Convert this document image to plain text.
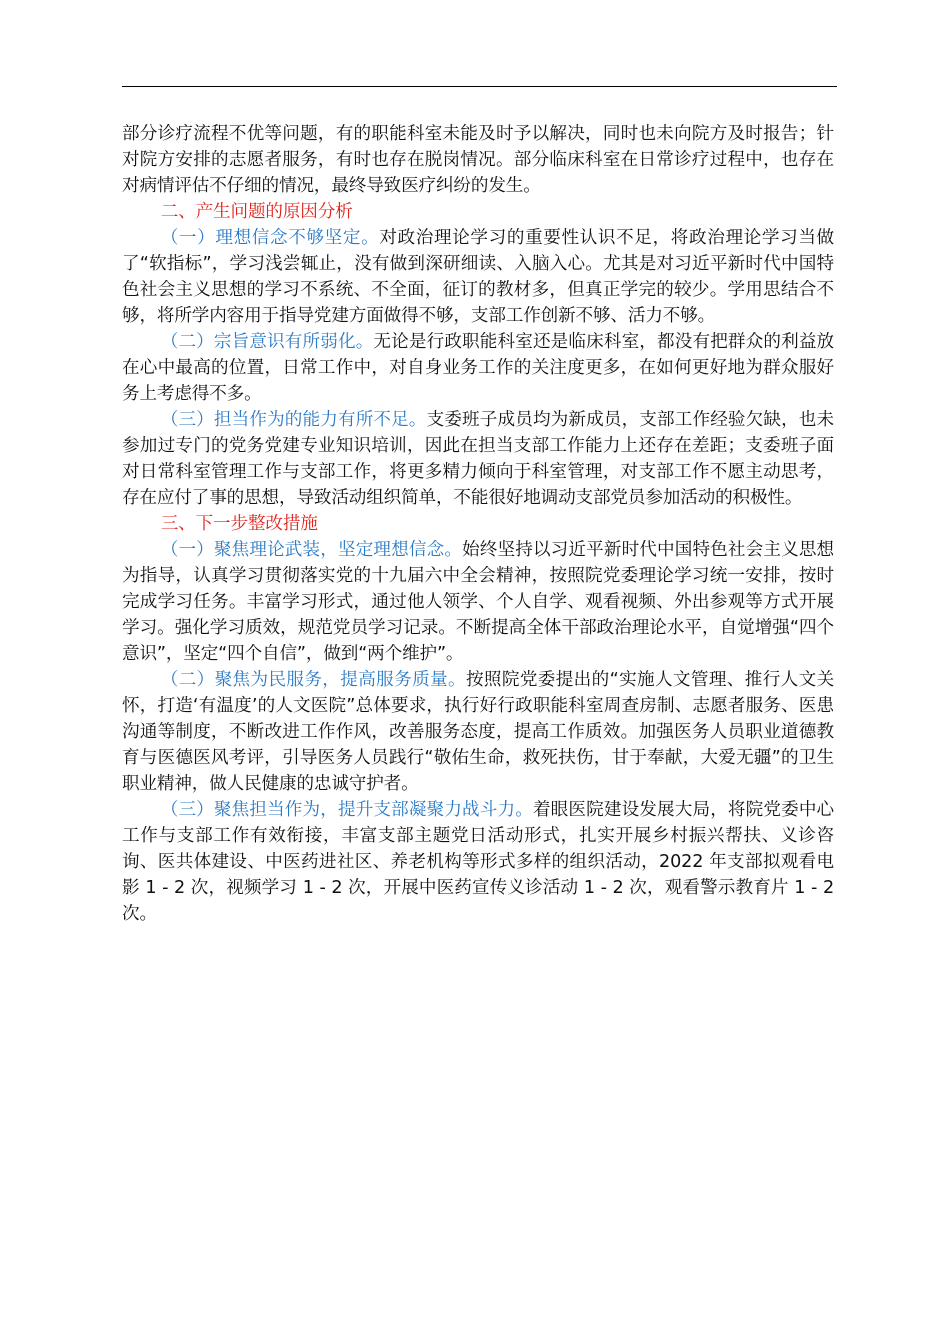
部分诊疗流程不优等问题，有的职能科室未能及时予以解决，同时也未向院方及时报告；针对院方安排的志愿者服务，有时也存在脱岗情况。部分临床科室在日常诊疗过程中，也存在对病情评估不仔细的情况，最终导致医疗纠纷的发生。

二、产生问题的原因分析

（一）理想信念不够坚定。对政治理论学习的重要性认识不足，将政治理论学习当做了“软指标”，学习浅尝辄止，没有做到深研细读、入脑入心。尤其是对习近平新时代中国特色社会主义思想的学习不系统、不全面，征订的教材多，但真正学完的较少。学用思结合不够，将所学内容用于指导党建方面做得不够，支部工作创新不够、活力不够。

（二）宗旨意识有所弱化。无论是行政职能科室还是临床科室，都没有把群众的利益放在心中最高的位置，日常工作中，对自身业务工作的关注度更多，在如何更好地为群众服好务上考虑得不多。

（三）担当作为的能力有所不足。支委班子成员均为新成员，支部工作经验欠缺，也未参加过专门的党务党建专业知识培训，因此在担当支部工作能力上还存在差距；支委班子面对日常科室管理工作与支部工作，将更多精力倾向于科室管理，对支部工作不愿主动思考，存在应付了事的思想，导致活动组织简单，不能很好地调动支部党员参加活动的积极性。

三、下一步整改措施

（一）聚焦理论武装，坚定理想信念。始终坚持以习近平新时代中国特色社会主义思想为指导，认真学习贯彻落实党的十九届六中全会精神，按照院党委理论学习统一安排，按时完成学习任务。丰富学习形式，通过他人领学、个人自学、观看视频、外出参观等方式开展学习。强化学习质效，规范党员学习记录。不断提高全体干部政治理论水平，自觉增强“四个意识”，坚定“四个自信”，做到“两个维护”。

（二）聚焦为民服务，提高服务质量。按照院党委提出的“实施人文管理、推行人文关怀，打造‘有温度’的人文医院”总体要求，执行好行政职能科室周查房制、志愿者服务、医患沟通等制度，不断改进工作作风，改善服务态度，提高工作质效。加强医务人员职业道德教育与医德医风考评，引导医务人员践行“敬佑生命，救死扶伤，甘于奉献，大爱无疆”的卫生职业精神，做人民健康的忠诚守护者。

（三）聚焦担当作为，提升支部凝聚力战斗力。着眼医院建设发展大局，将院党委中心工作与支部工作有效衔接，丰富支部主题党日活动形式，扎实开展乡村振兴帮扶、义诊咨询、医共体建设、中医药进社区、养老机构等形式多样的组织活动，2022 年支部拟观看电影 1 - 2 次，视频学习 1 - 2 次，开展中医药宣传义诊活动 1 - 2 次，观看警示教育片 1 - 2 次。
